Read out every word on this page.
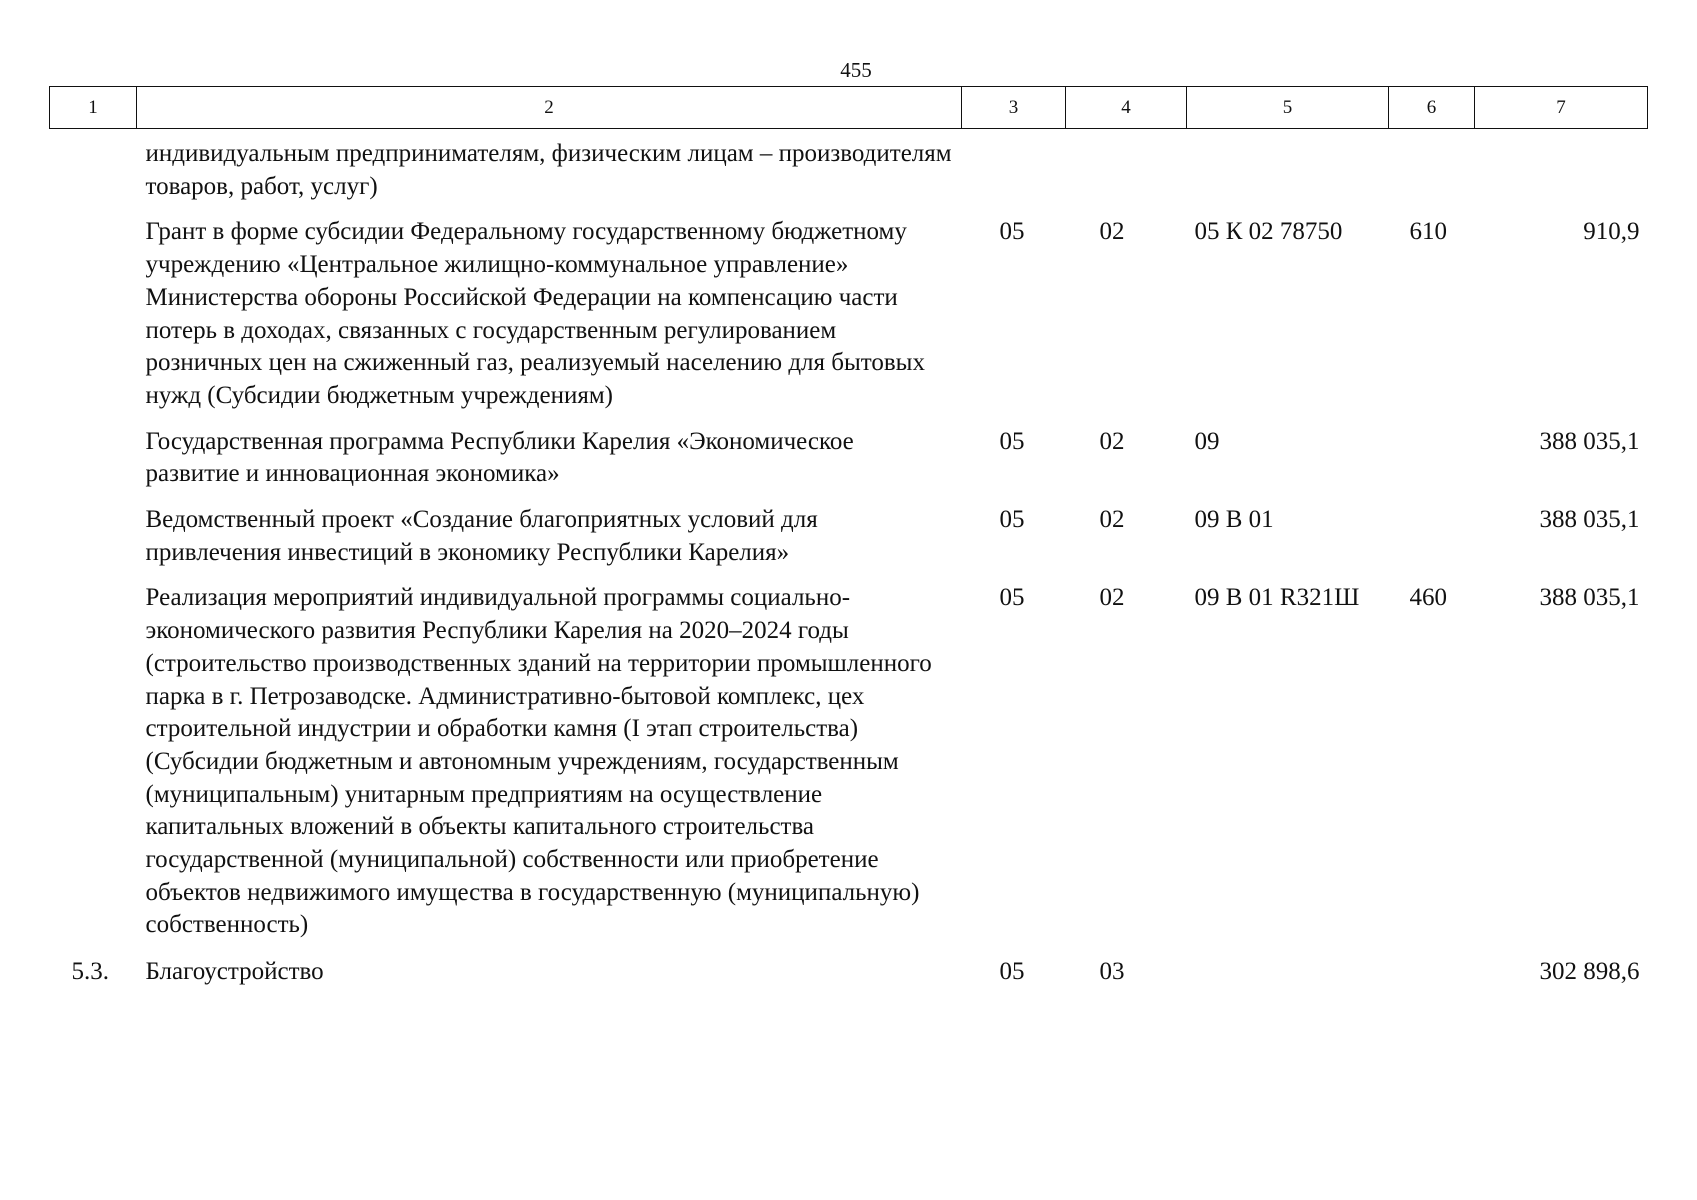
455
1	2	3	4	5	6	7
	индивидуальным предпринимателям, физическим лицам – производителям товаров, работ, услуг)					
	Грант в форме субсидии Федеральному государственному бюджетному учреждению «Центральное жилищно-коммунальное управление» Министерства обороны Российской Федерации на компенсацию части потерь в доходах, связанных с государственным регулированием розничных цен на сжиженный газ, реализуемый населению для бытовых нужд (Субсидии бюджетным учреждениям)	05	02	05 К 02 78750	610	910,9
	Государственная программа Республики Карелия «Экономическое развитие и инновационная экономика»	05	02	09		388 035,1
	Ведомственный проект «Создание благоприятных условий для привлечения инвестиций в экономику Республики Карелия»	05	02	09 В 01		388 035,1
	Реализация мероприятий индивидуальной программы социально-экономического развития Республики Карелия на 2020–2024 годы (строительство производственных зданий на территории промышленного парка в г. Петрозаводске. Административно-бытовой комплекс, цех строительной индустрии и обработки камня (I этап строительства) (Субсидии бюджетным и автономным учреждениям, государственным (муниципальным) унитарным предприятиям на осуществление капитальных вложений в объекты капитального строительства государственной (муниципальной) собственности или приобретение объектов недвижимого имущества в государственную (муниципальную) собственность)	05	02	09 В 01 R321Ш	460	388 035,1
5.3.	Благоустройство	05	03			302 898,6
